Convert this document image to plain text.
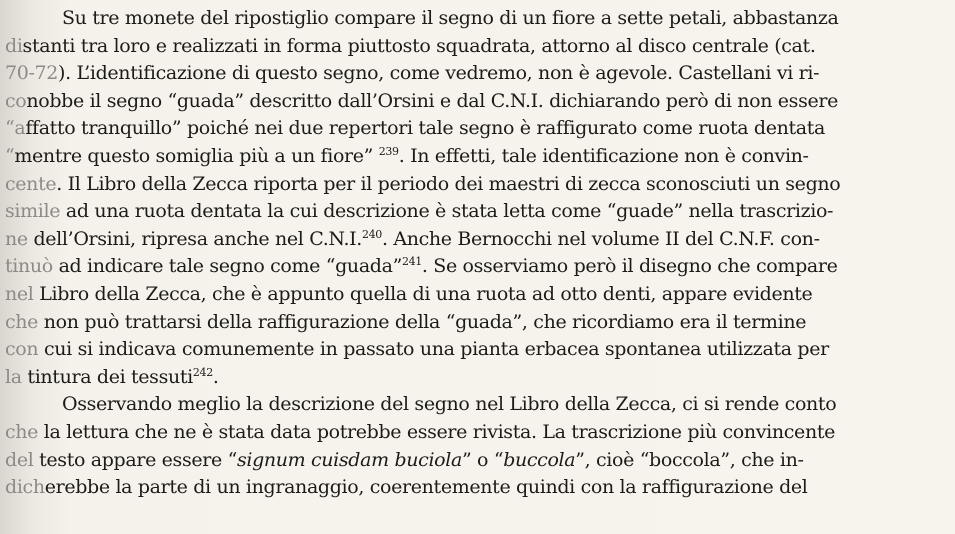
Su tre monete del ripostiglio compare il segno di un fiore a sette petali, abbastanza
distanti tra loro e realizzati in forma piuttosto squadrata, attorno al disco centrale (cat.
70-72). L’identificazione di questo segno, come vedremo, non è agevole. Castellani vi ri-
conobbe il segno “guada” descritto dall’Orsini e dal C.N.I. dichiarando però di non essere
“affatto tranquillo” poiché nei due repertori tale segno è raffigurato come ruota dentata
“mentre questo somiglia più a un fiore” $^{239}$. In effetti, tale identificazione non è convin-
cente. Il Libro della Zecca riporta per il periodo dei maestri di zecca sconosciuti un segno
simile ad una ruota dentata la cui descrizione è stata letta come “guade” nella trascrizio-
ne dell’Orsini, ripresa anche nel C.N.I.$^{240}$. Anche Bernocchi nel volume II del C.N.F. con-
tinuò ad indicare tale segno come “guada”$^{241}$. Se osserviamo però il disegno che compare
nel Libro della Zecca, che è appunto quella di una ruota ad otto denti, appare evidente
che non può trattarsi della raffigurazione della “guada”, che ricordiamo era il termine
con cui si indicava comunemente in passato una pianta erbacea spontanea utilizzata per
la tintura dei tessuti$^{242}$.
Osservando meglio la descrizione del segno nel Libro della Zecca, ci si rende conto
che la lettura che ne è stata data potrebbe essere rivista. La trascrizione più convincente
del testo appare essere “signum cuisdam buciola” o “buccola”, cioè “boccola”, che in-
dicherebbe la parte di un ingranaggio, coerentemente quindi con la raffigurazione del
